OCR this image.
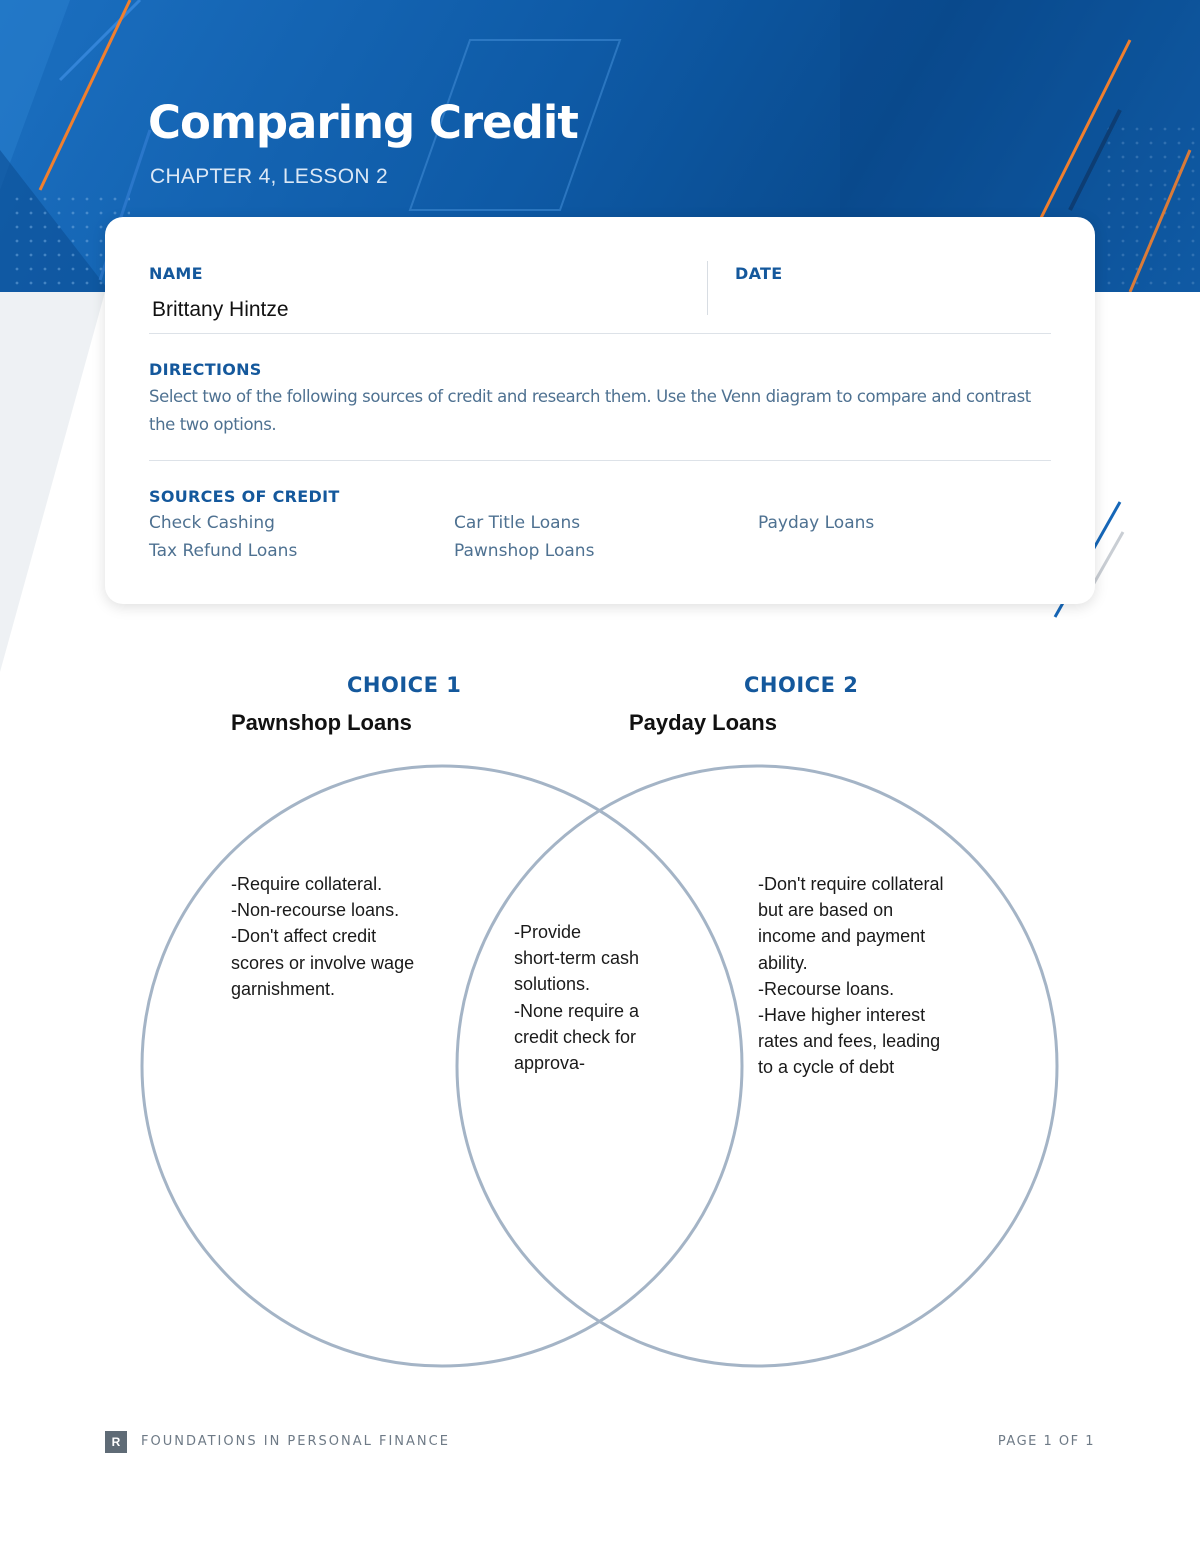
Comparing Credit
CHAPTER 4, LESSON 2
NAME
Brittany Hintze
DATE
DIRECTIONS
Select two of the following sources of credit and research them. Use the Venn diagram to compare and contrast the two options.
SOURCES OF CREDIT
Check Cashing
Tax Refund Loans
Car Title Loans
Pawnshop Loans
Payday Loans
CHOICE 1
Pawnshop Loans
CHOICE 2
Payday Loans
-Require collateral.
-Non-recourse loans.
-Don't affect credit
scores or involve wage
garnishment.
-Provide
short-term cash
solutions.
-None require a
credit check for
approva-
-Don't require collateral
but are based on
income and payment
ability.
-Recourse loans.
-Have higher interest
rates and fees, leading
to a cycle of debt
R	FOUNDATIONS IN PERSONAL FINANCE	PAGE 1 OF 1
